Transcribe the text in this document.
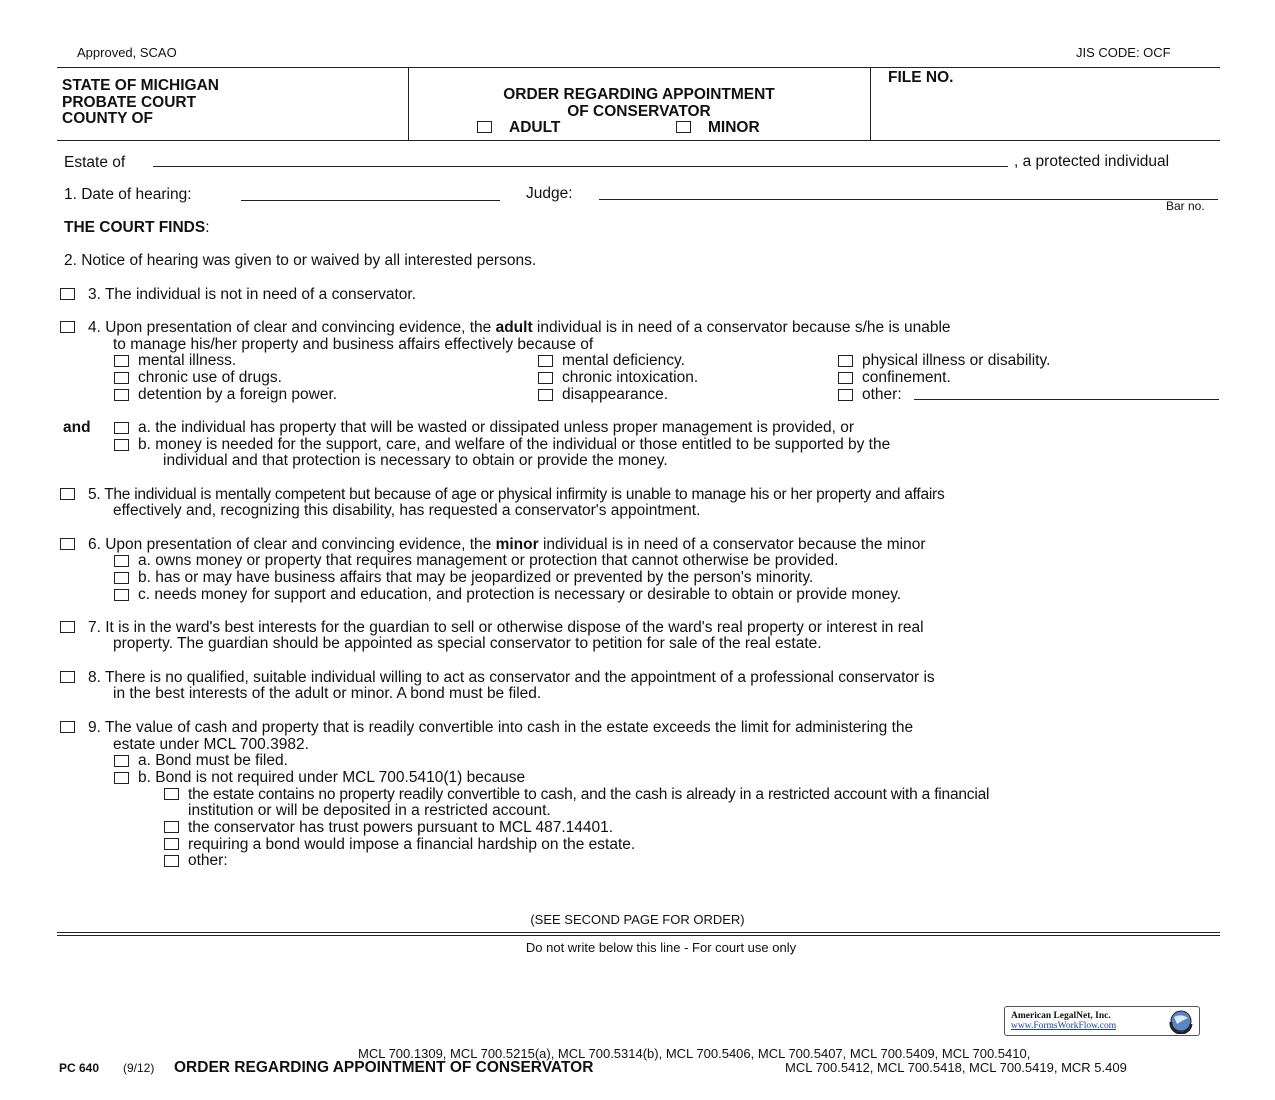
Approved, SCAO	JIS CODE: OCF
STATE OF MICHIGAN
PROBATE COURT
COUNTY OF
ORDER REGARDING APPOINTMENT
OF CONSERVATOR
ADULT	MINOR
FILE NO.
Estate of	, a protected individual
1. Date of hearing:	Judge:
Bar no.
THE COURT FINDS:
2. Notice of hearing was given to or waived by all interested persons.
3. The individual is not in need of a conservator.
4. Upon presentation of clear and convincing evidence, the adult individual is in need of a conservator because s/he is unable
to manage his/her property and business affairs effectively because of
mental illness.	mental deficiency.	physical illness or disability.
chronic use of drugs.	chronic intoxication.	confinement.
detention by a foreign power.	disappearance.	other:
and	a. the individual has property that will be wasted or dissipated unless proper management is provided, or
b. money is needed for the support, care, and welfare of the individual or those entitled to be supported by the
individual and that protection is necessary to obtain or provide the money.
5. The individual is mentally competent but because of age or physical infirmity is unable to manage his or her property and affairs
effectively and, recognizing this disability, has requested a conservator's appointment.
6. Upon presentation of clear and convincing evidence, the minor individual is in need of a conservator because the minor
a. owns money or property that requires management or protection that cannot otherwise be provided.
b. has or may have business affairs that may be jeopardized or prevented by the person's minority.
c. needs money for support and education, and protection is necessary or desirable to obtain or provide money.
7. It is in the ward's best interests for the guardian to sell or otherwise dispose of the ward's real property or interest in real
property. The guardian should be appointed as special conservator to petition for sale of the real estate.
8. There is no qualified, suitable individual willing to act as conservator and the appointment of a professional conservator is
in the best interests of the adult or minor. A bond must be filed.
9. The value of cash and property that is readily convertible into cash in the estate exceeds the limit for administering the
estate under MCL 700.3982.
a. Bond must be filed.
b. Bond is not required under MCL 700.5410(1) because
the estate contains no property readily convertible to cash, and the cash is already in a restricted account with a financial
institution or will be deposited in a restricted account.
the conservator has trust powers pursuant to MCL 487.14401.
requiring a bond would impose a financial hardship on the estate.
other:
(SEE SECOND PAGE FOR ORDER)
Do not write below this line - For court use only
American LegalNet, Inc.
www.FormsWorkFlow.com
MCL 700.1309, MCL 700.5215(a), MCL 700.5314(b), MCL 700.5406, MCL 700.5407, MCL 700.5409, MCL 700.5410,
MCL 700.5412, MCL 700.5418, MCL 700.5419, MCR 5.409
PC 640 (9/12) ORDER REGARDING APPOINTMENT OF CONSERVATOR
